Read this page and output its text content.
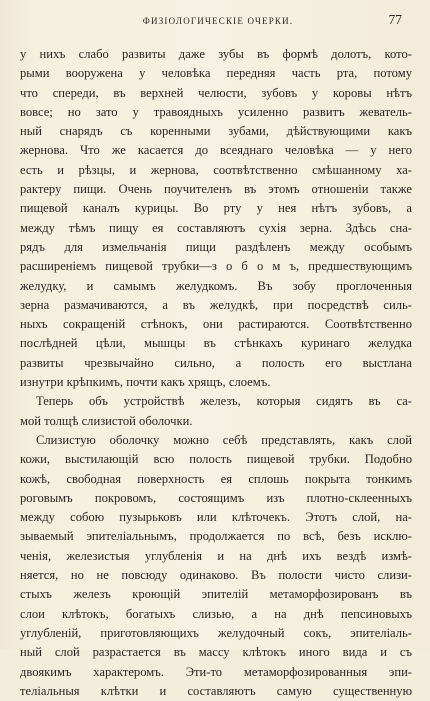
ФИЗІОЛОГИЧЕСКІЕ ОЧЕРКИ.	77
у нихъ слабо развиты даже зубы въ формѣ долотъ, кото-
рыми вооружена у человѣка передняя часть рта, потому
что спереди, въ верхней челюсти, зубовъ у коровы нѣтъ
вовсе; но зато у травоядныхъ усиленно развитъ жеватель-
ный снарядъ съ коренными зубами, дѣйствующими какъ
жернова. Что же касается до всеяднаго человѣка — у него
есть и рѣзцы, и жернова, соотвѣтственно смѣшанному ха-
рактеру пищи. Очень поучителенъ въ этомъ отношеніи также
пищевой каналъ курицы. Во рту у нея нѣтъ зубовъ, а
между тѣмъ пищу ея составляютъ сухія зерна. Здѣсь сна-
рядъ для измельчанія пищи раздѣленъ между особымъ
расширеніемъ пищевой трубки—з о б о м ъ, предшествующимъ
желудку, и самымъ желудкомъ. Въ зобу проглоченныя
зерна размачиваются, а въ желудкѣ, при посредствѣ силь-
ныхъ сокращеній стѣнокъ, они растираются. Соотвѣтственно
послѣдней цѣли, мышцы въ стѣнкахъ куринаго желудка
развиты чрезвычайно сильно, а полость его выстлана
изнутри крѣпкимъ, почти какъ хрящъ, слоемъ.
Теперь объ устройствѣ железъ, которыя сидятъ въ са-
мой толщѣ слизистой оболочки.
Слизистую оболочку можно себѣ представлять, какъ слой
кожи, выстилающій всю полость пищевой трубки. Подобно
кожѣ, свободная поверхность ея сплошь покрыта тонкимъ
роговымъ покровомъ, состоящимъ изъ плотно-склеенныхъ
между собою пузырьковъ или клѣточекъ. Этотъ слой, на-
зываемый эпителіальнымъ, продолжается по всѣ, безъ исклю-
ченія, железистыя углубленія и на днѣ ихъ вездѣ измѣ-
няется, но не повсюду одинаково. Въ полости чисто слизи-
стыхъ железъ кроющій эпителій метаморфозированъ въ
слои клѣтокъ, богатыхъ слизью, а на днѣ пепсиновыхъ
углубленій, приготовляющихъ желудочный сокъ, эпителіаль-
ный слой разрастается въ массу клѣтокъ иного вида и съ
двоякимъ характеромъ. Эти-то метаморфозированныя эпи-
теліальныя клѣтки и составляютъ самую существенную
